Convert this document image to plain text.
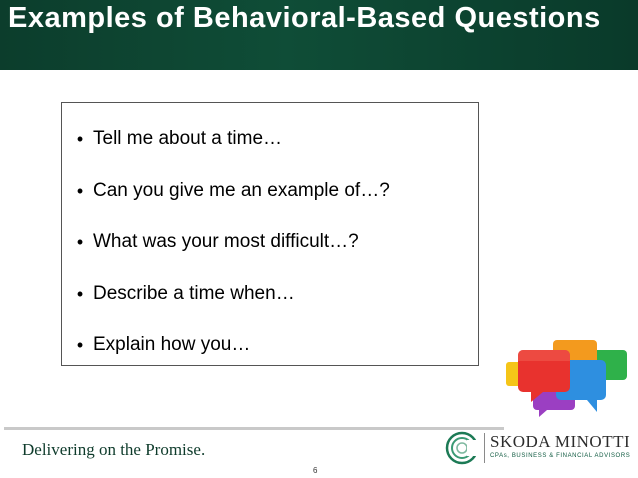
Examples of Behavioral-Based Questions
• Tell me about a time…
• Can you give me an example of…?
• What was your most difficult…?
• Describe a time when…
• Explain how you…
Delivering on the Promise.	SKODA MINOTTI
CPAs, BUSINESS & FINANCIAL ADVISORS
6
